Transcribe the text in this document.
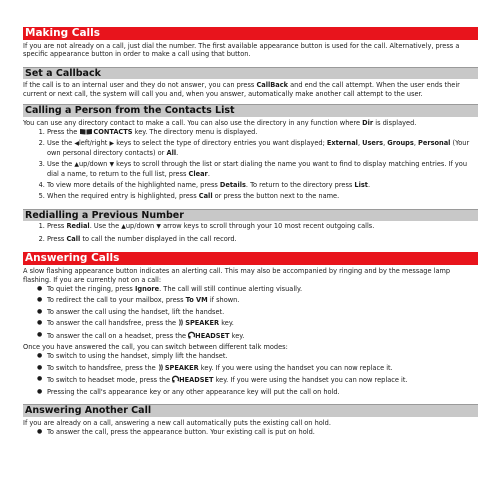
Making Calls

If you are not already on a call, just dial the number. The first available appearance button is used for the call. Alternatively, press a specific appearance button in order to make a call using that button.

Set a Callback

If the call is to an internal user and they do not answer, you can press CallBack and end the call attempt. When the user ends their current or next call, the system will call you and, when you answer, automatically make another call attempt to the user.

Calling a Person from the Contacts List

You can use any directory contact to make a call. You can also use the directory in any function where Dir is displayed.

1. Press the CONTACTS key. The directory menu is displayed.
2. Use the ◀left/right ▶ keys to select the type of directory entries you want displayed; External, Users, Groups, Personal (Your own personal directory contacts) or All.
3. Use the ▲up/down ▼ keys to scroll through the list or start dialing the name you want to find to display matching entries. If you dial a name, to return to the full list, press Clear.
4. To view more details of the highlighted name, press Details. To return to the directory press List.
5. When the required entry is highlighted, press Call or press the button next to the name.
Redialling a Previous Number
1. Press Redial. Use the ▲up/down ▼ arrow keys to scroll through your 10 most recent outgoing calls.
2. Press Call to call the number displayed in the call record.
Answering Calls

A slow flashing appearance button indicates an alerting call. This may also be accompanied by ringing and by the message lamp flashing. If you are currently not on a call:

● To quiet the ringing, press Ignore. The call will still continue alerting visually.
● To redirect the call to your mailbox, press To VM if shown.
● To answer the call using the handset, lift the handset.
● To answer the call handsfree, press the SPEAKER key.
● To answer the call on a headset, press the HEADSET key.

Once you have answered the call, you can switch between different talk modes:

● To switch to using the handset, simply lift the handset.
● To switch to handsfree, press the SPEAKER key. If you were using the handset you can now replace it.
● To switch to headset mode, press the HEADSET key. If you were using the handset you can now replace it.
● Pressing the call's appearance key or any other appearance key will put the call on hold.
Answering Another Call

If you are already on a call, answering a new call automatically puts the existing call on hold.

● To answer the call, press the appearance button. Your existing call is put on hold.
